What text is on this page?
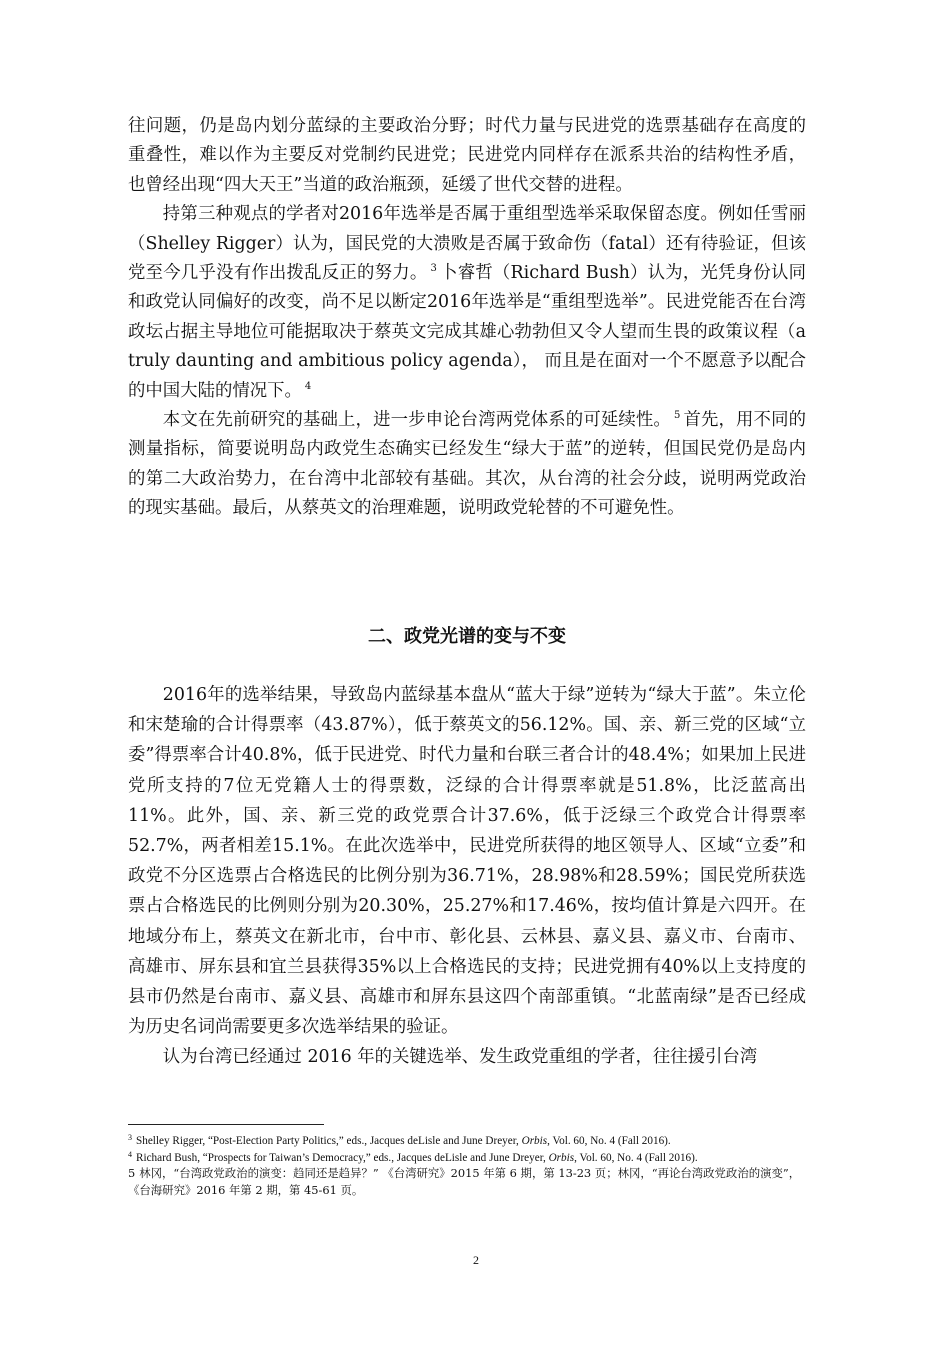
往问题，仍是岛内划分蓝绿的主要政治分野；时代力量与民进党的选票基础存在高度的重叠性，难以作为主要反对党制约民进党；民进党内同样存在派系共治的结构性矛盾，也曾经出现“四大天王”当道的政治瓶颈，延缓了世代交替的进程。

持第三种观点的学者对2016年选举是否属于重组型选举采取保留态度。例如任雪丽（Shelley Rigger）认为，国民党的大溃败是否属于致命伤（fatal）还有待验证，但该党至今几乎没有作出拨乱反正的努力。 $^3$ 卜睿哲（Richard Bush）认为，光凭身份认同和政党认同偏好的改变，尚不足以断定2016年选举是“重组型选举”。民进党能否在台湾政坛占据主导地位可能据取决于蔡英文完成其雄心勃勃但又令人望而生畏的政策议程（a truly daunting and ambitious policy agenda）， 而且是在面对一个不愿意予以配合的中国大陆的情况下。 $^4$

本文在先前研究的基础上，进一步申论台湾两党体系的可延续性。 $^5$ 首先，用不同的测量指标，简要说明岛内政党生态确实已经发生“绿大于蓝”的逆转，但国民党仍是岛内的第二大政治势力，在台湾中北部较有基础。其次，从台湾的社会分歧，说明两党政治的现实基础。最后，从蔡英文的治理难题，说明政党轮替的不可避免性。

二、政党光谱的变与不变

2016年的选举结果，导致岛内蓝绿基本盘从“蓝大于绿”逆转为“绿大于蓝”。朱立伦和宋楚瑜的合计得票率（43.87%），低于蔡英文的56.12%。国、亲、新三党的区域“立委”得票率合计40.8%，低于民进党、时代力量和台联三者合计的48.4%；如果加上民进党所支持的7位无党籍人士的得票数，泛绿的合计得票率就是51.8%，比泛蓝高出11%。此外，国、亲、新三党的政党票合计37.6%，低于泛绿三个政党合计得票率52.7%，两者相差15.1%。在此次选举中，民进党所获得的地区领导人、区域“立委”和政党不分区选票占合格选民的比例分别为36.71%，28.98%和28.59%；国民党所获选票占合格选民的比例则分别为20.30%，25.27%和17.46%，按均值计算是六四开。在地域分布上，蔡英文在新北市，台中市、彰化县、云林县、嘉义县、嘉义市、台南市、高雄市、屏东县和宜兰县获得35%以上合格选民的支持；民进党拥有40%以上支持度的县市仍然是台南市、嘉义县、高雄市和屏东县这四个南部重镇。“北蓝南绿”是否已经成为历史名词尚需要更多次选举结果的验证。

认为台湾已经通过 2016 年的关键选举、发生政党重组的学者，往往援引台湾

$^3$ Shelley Rigger, “Post-Election Party Politics,” eds., Jacques deLisle and June Dreyer, Orbis, Vol. 60, No. 4 (Fall 2016).

$^4$ Richard Bush, “Prospects for Taiwan’s Democracy,” eds., Jacques deLisle and June Dreyer, Orbis, Vol. 60, No. 4 (Fall 2016).

5 林冈，“台湾政党政治的演变：趋同还是趋异？” 《台湾研究》2015 年第 6 期，第 13-23 页；林冈，“再论台湾政党政治的演变”，《台海研究》2016 年第 2 期，第 45-61 页。

2
